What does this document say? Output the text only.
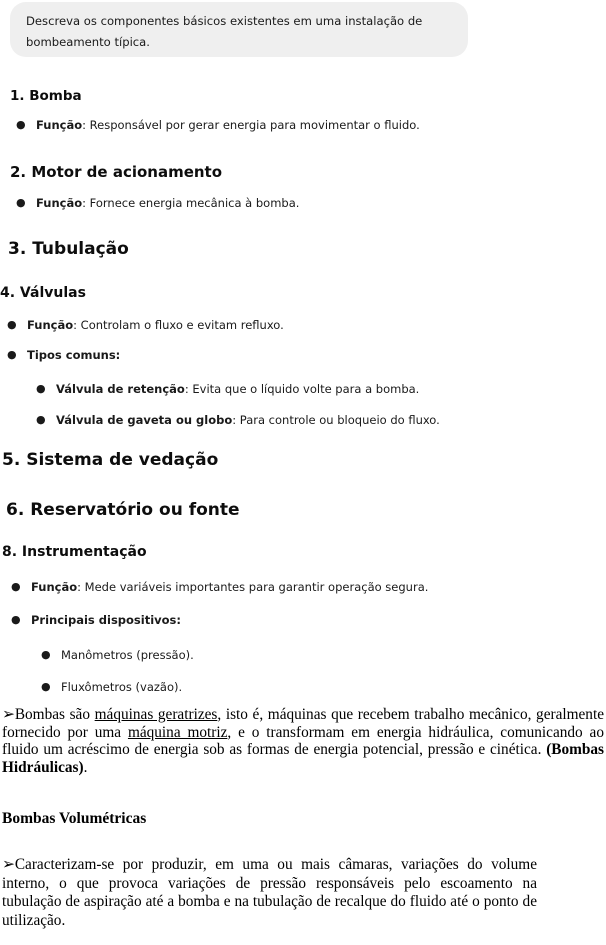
Descreva os componentes básicos existentes em uma instalação de bombeamento típica.
1. Bomba
● Função: Responsável por gerar energia para movimentar o fluido.
2. Motor de acionamento
● Função: Fornece energia mecânica à bomba.
3. Tubulação
4. Válvulas
● Função: Controlam o fluxo e evitam refluxo.
● Tipos comuns:
● Válvula de retenção: Evita que o líquido volte para a bomba.
● Válvula de gaveta ou globo: Para controle ou bloqueio do fluxo.
5. Sistema de vedação
6. Reservatório ou fonte
8. Instrumentação
● Função: Mede variáveis importantes para garantir operação segura.
● Principais dispositivos:
● Manômetros (pressão).
● Fluxômetros (vazão).
➢Bombas são máquinas geratrizes, isto é, máquinas que recebem trabalho mecânico, geralmente fornecido por uma máquina motriz, e o transformam em energia hidráulica, comunicando ao fluido um acréscimo de energia sob as formas de energia potencial, pressão e cinética. (Bombas Hidráulicas).
Bombas Volumétricas
➢Caracterizam-se por produzir, em uma ou mais câmaras, variações do volume interno, o que provoca variações de pressão responsáveis pelo escoamento na tubulação de aspiração até a bomba e na tubulação de recalque do fluido até o ponto de utilização.
